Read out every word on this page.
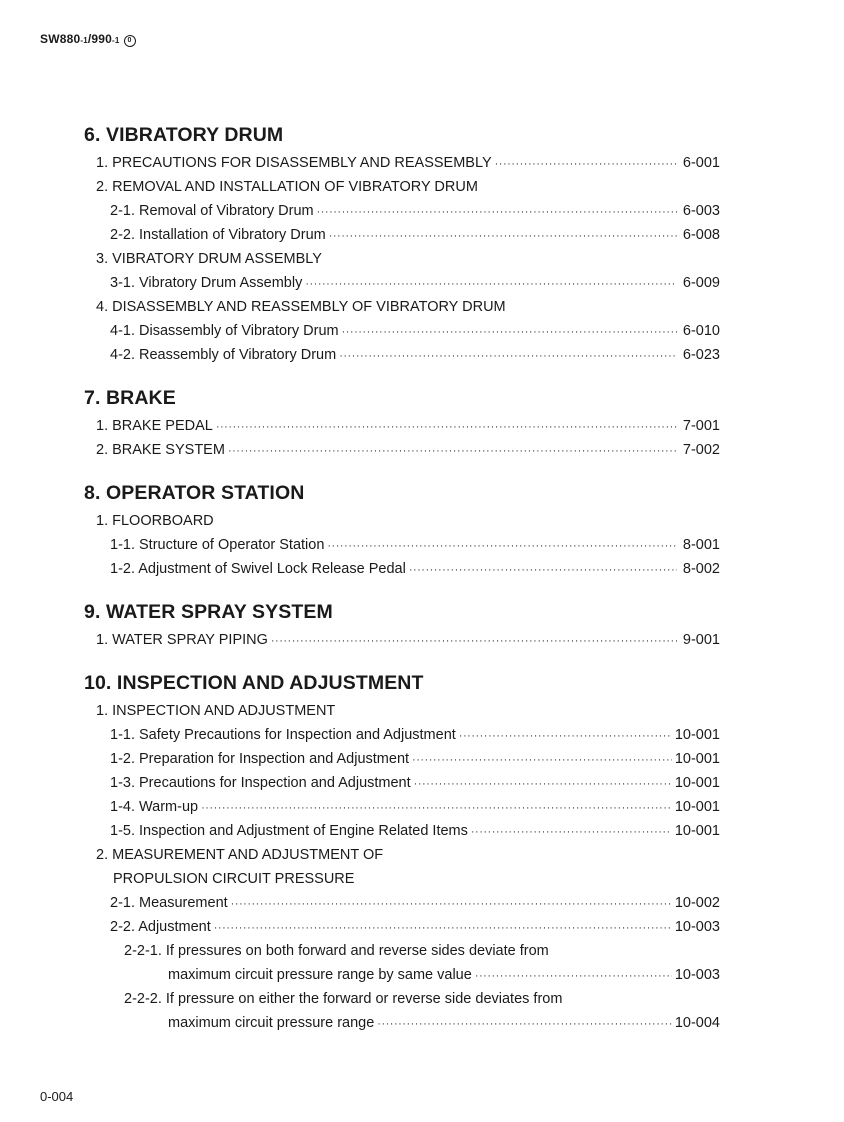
SW880-1/990-1 0
6. VIBRATORY DRUM
1. PRECAUTIONS FOR DISASSEMBLY AND REASSEMBLY ·····	6-001
2. REMOVAL AND INSTALLATION OF VIBRATORY DRUM
2-1. Removal of Vibratory Drum ·····	6-003
2-2. Installation of Vibratory Drum ·····	6-008
3. VIBRATORY DRUM ASSEMBLY
3-1. Vibratory Drum Assembly ·····	6-009
4. DISASSEMBLY AND REASSEMBLY OF VIBRATORY DRUM
4-1. Disassembly of Vibratory Drum ·····	6-010
4-2. Reassembly of Vibratory Drum ·····	6-023
7. BRAKE
1. BRAKE PEDAL ·····	7-001
2. BRAKE SYSTEM ·····	7-002
8. OPERATOR STATION
1. FLOORBOARD
1-1. Structure of Operator Station ·····	8-001
1-2. Adjustment of Swivel Lock Release Pedal ·····	8-002
9. WATER SPRAY SYSTEM
1. WATER SPRAY PIPING ·····	9-001
10. INSPECTION AND ADJUSTMENT
1. INSPECTION AND ADJUSTMENT
1-1. Safety Precautions for Inspection and Adjustment ·····	10-001
1-2. Preparation for Inspection and Adjustment ·····	10-001
1-3. Precautions for Inspection and Adjustment ·····	10-001
1-4. Warm-up ·····	10-001
1-5. Inspection and Adjustment of Engine Related Items ·····	10-001
2. MEASUREMENT AND ADJUSTMENT OF
PROPULSION CIRCUIT PRESSURE
2-1. Measurement ·····	10-002
2-2. Adjustment ·····	10-003
2-2-1. If pressures on both forward and reverse sides deviate from
maximum circuit pressure range by same value ·····	10-003
2-2-2. If pressure on either the forward or reverse side deviates from
maximum circuit pressure range ·····	10-004
0-004
